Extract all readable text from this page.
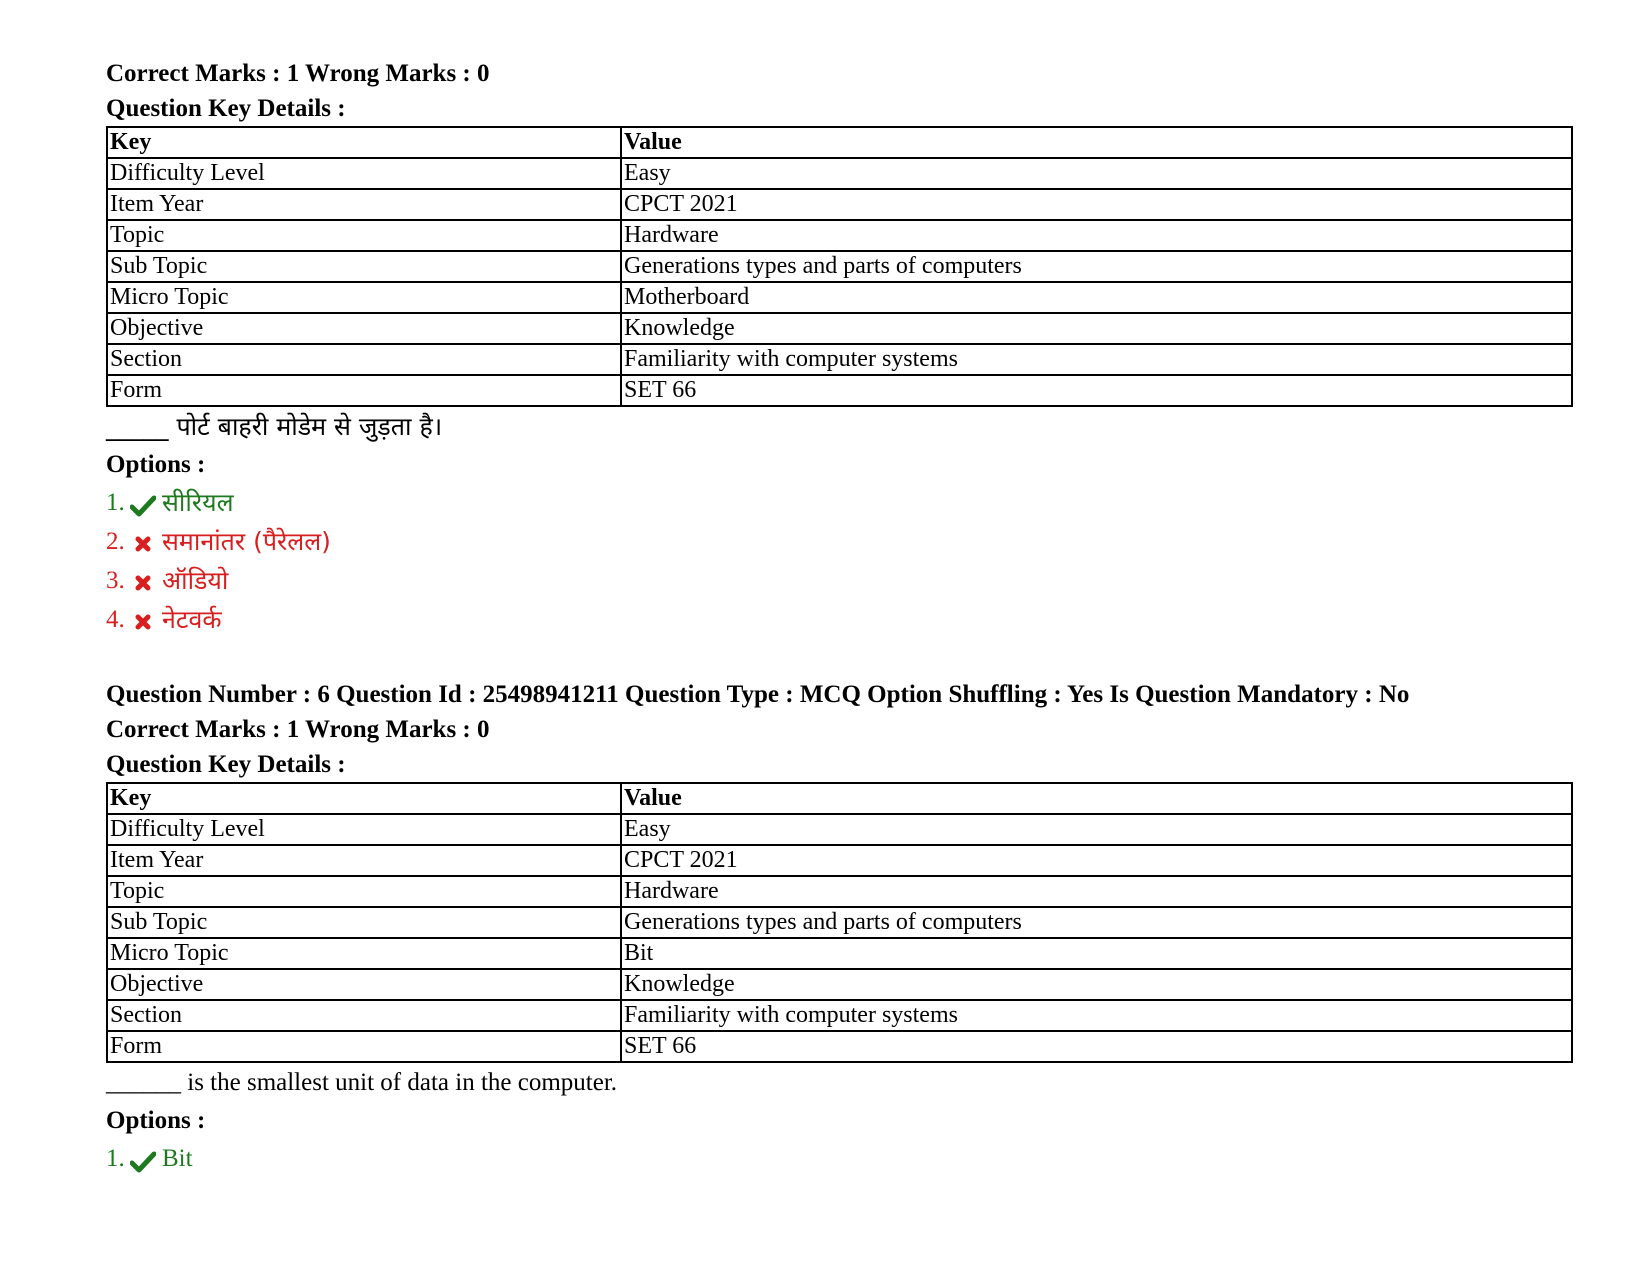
Correct Marks : 1 Wrong Marks : 0
Question Key Details :
Key	Value
Difficulty Level	Easy
Item Year	CPCT 2021
Topic	Hardware
Sub Topic	Generations types and parts of computers
Micro Topic	Motherboard
Objective	Knowledge
Section	Familiarity with computer systems
Form	SET 66
_____ पोर्ट बाहरी मोडेम से जुड़ता है।
Options :
1. सीरियल
2. समानांतर (पैरेलल)
3. ऑडियो
4. नेटवर्क
Question Number : 6 Question Id : 25498941211 Question Type : MCQ Option Shuffling : Yes Is Question Mandatory : No
Correct Marks : 1 Wrong Marks : 0
Question Key Details :
Key	Value
Difficulty Level	Easy
Item Year	CPCT 2021
Topic	Hardware
Sub Topic	Generations types and parts of computers
Micro Topic	Bit
Objective	Knowledge
Section	Familiarity with computer systems
Form	SET 66
______ is the smallest unit of data in the computer.
Options :
1. Bit
